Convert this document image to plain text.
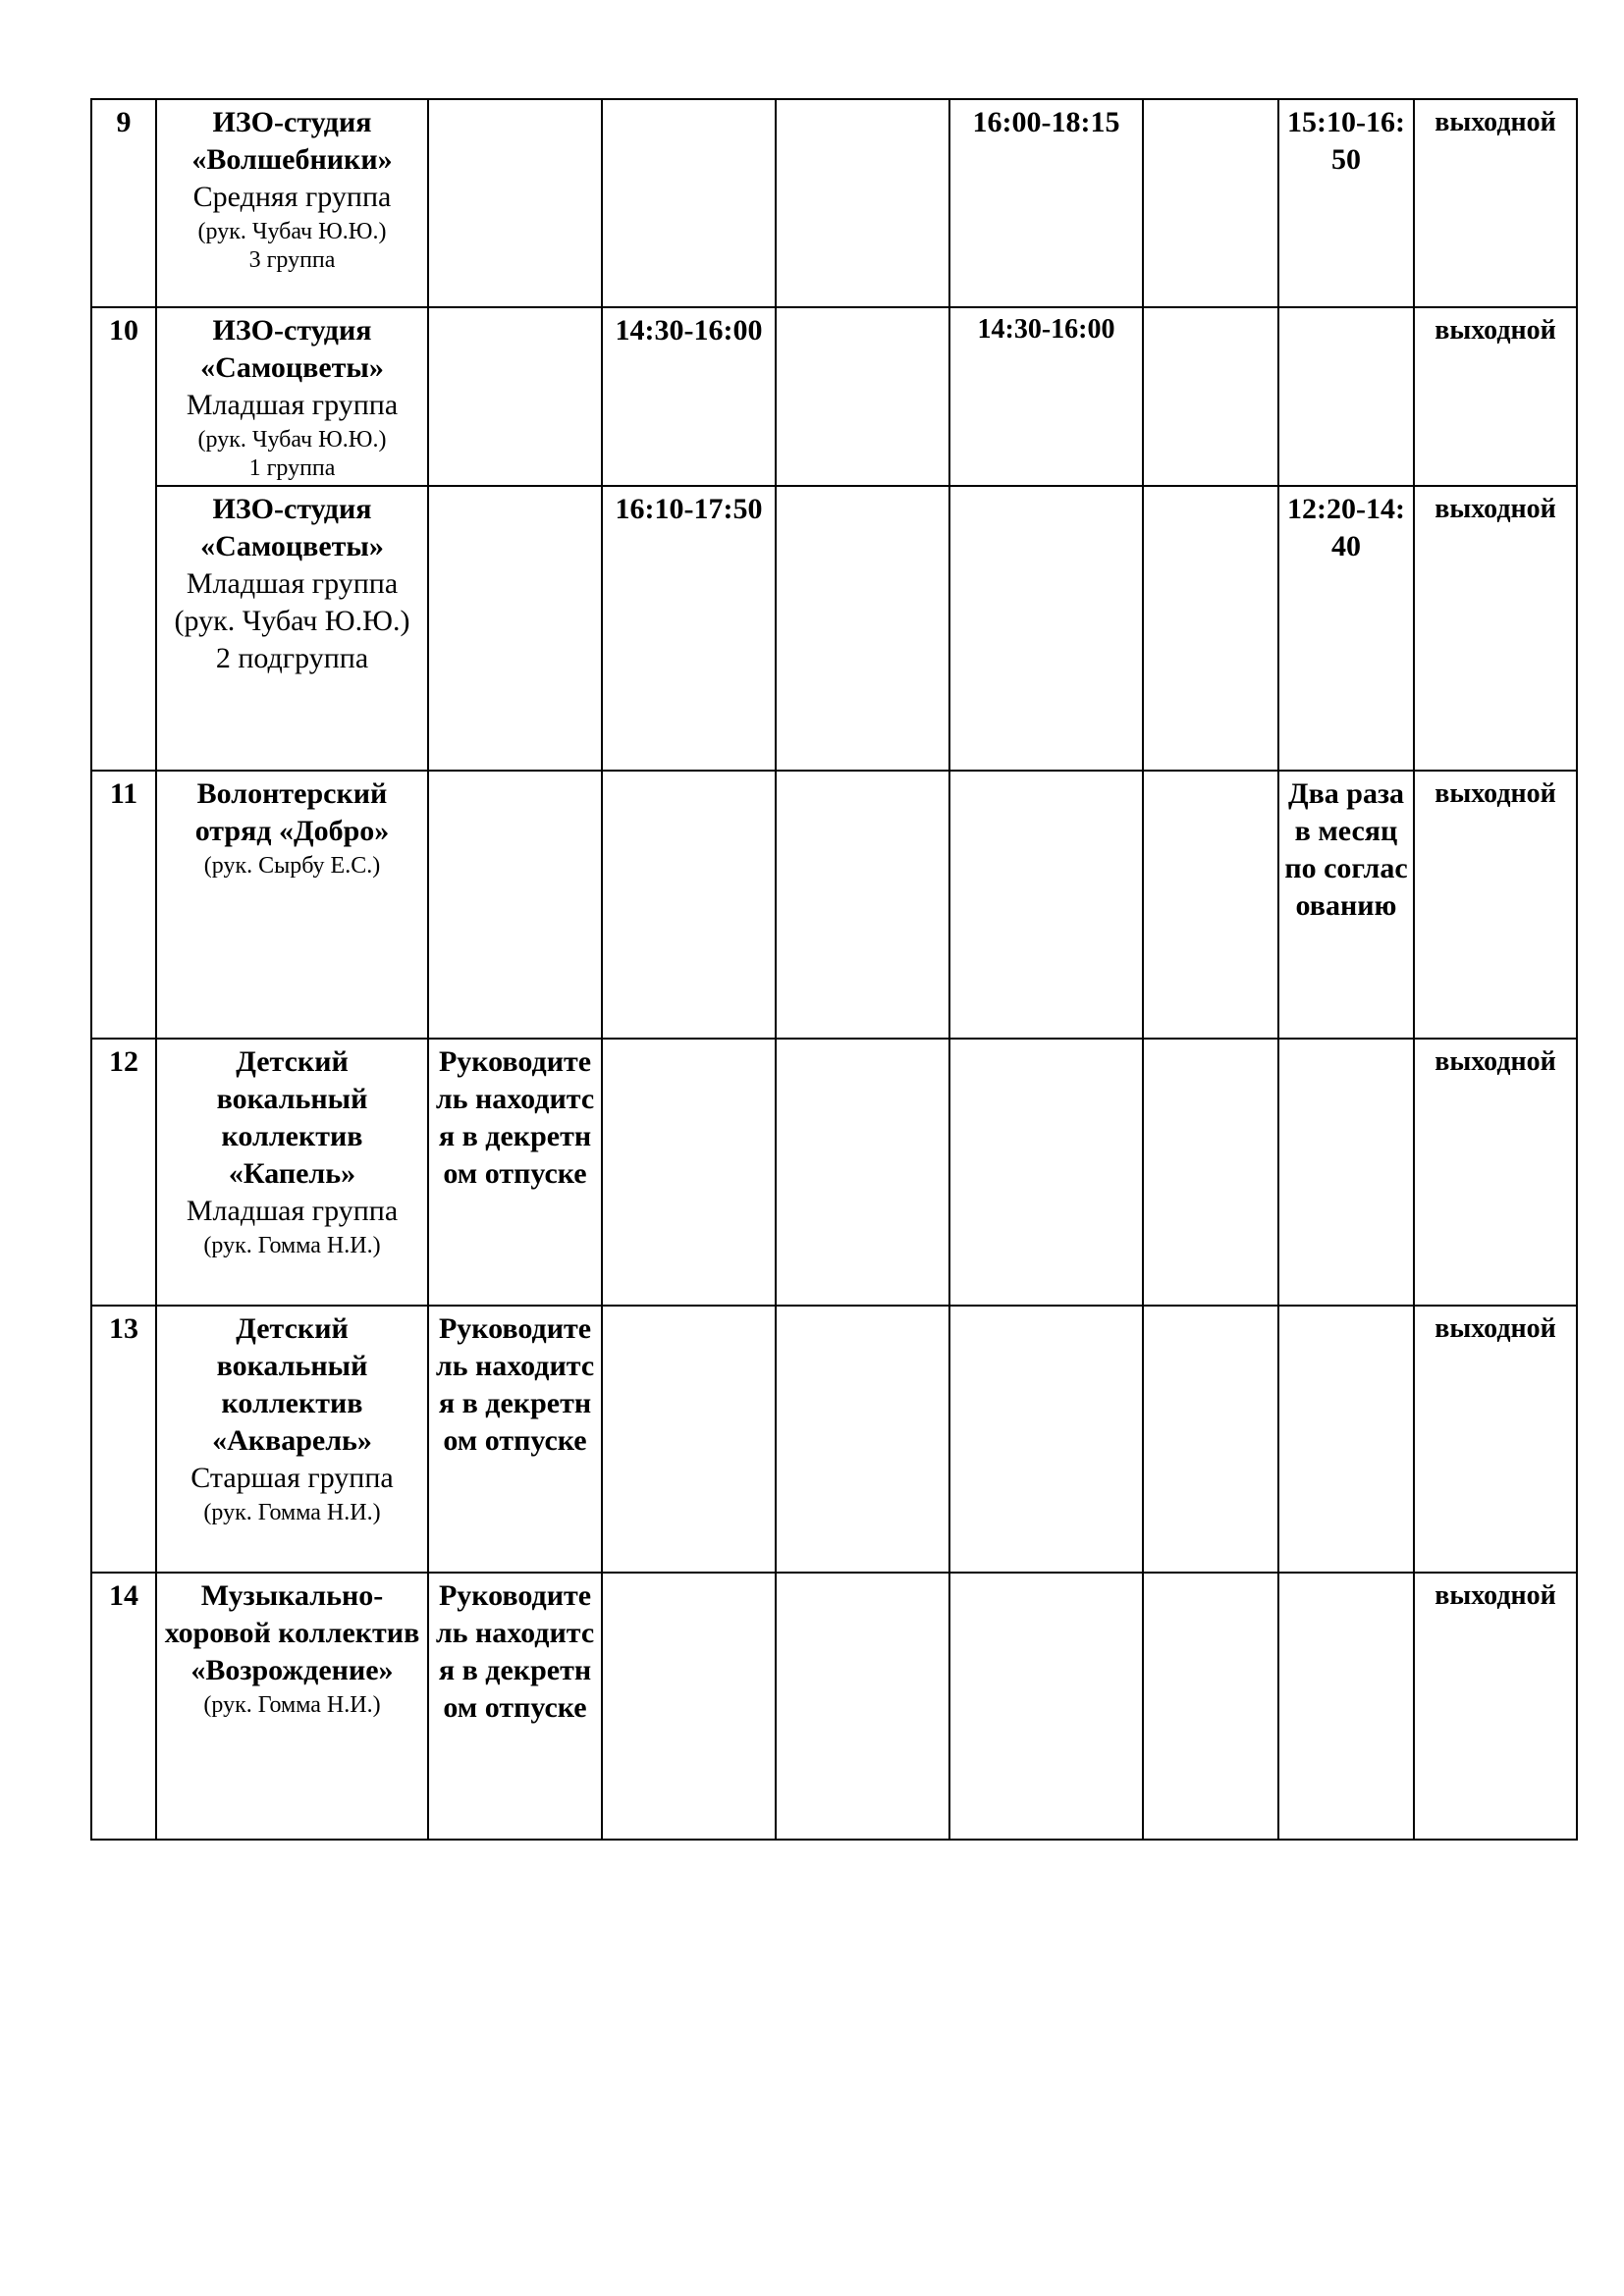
9	ИЗО-студия «Волшебники»
Средняя группа
(рук. Чубач Ю.Ю.)
3 группа				16:00-18:15		15:10-16:50	выходной
10	ИЗО-студия «Самоцветы»
Младшая группа
(рук. Чубач Ю.Ю.)
1 группа		14:30-16:00		14:30-16:00			выходной

	ИЗО-студия «Самоцветы»
Младшая группа
(рук. Чубач Ю.Ю.)
2 подгруппа		16:10-17:50				12:20-14:40	выходной
11	Волонтерский отряд «Добро»
(рук. Сырбу Е.С.)						Два раза в месяц по согласованию	выходной
12	Детский вокальный коллектив «Капель»
Младшая группа
(рук. Гомма Н.И.)	Руководитель находится в декретном отпуске						выходной
13	Детский вокальный коллектив «Акварель»
Старшая группа
(рук. Гомма Н.И.)	Руководитель находится в декретном отпуске						выходной
14	Музыкально-хоровой коллектив «Возрождение»
(рук. Гомма Н.И.)	Руководитель находится в декретном отпуске						выходной
